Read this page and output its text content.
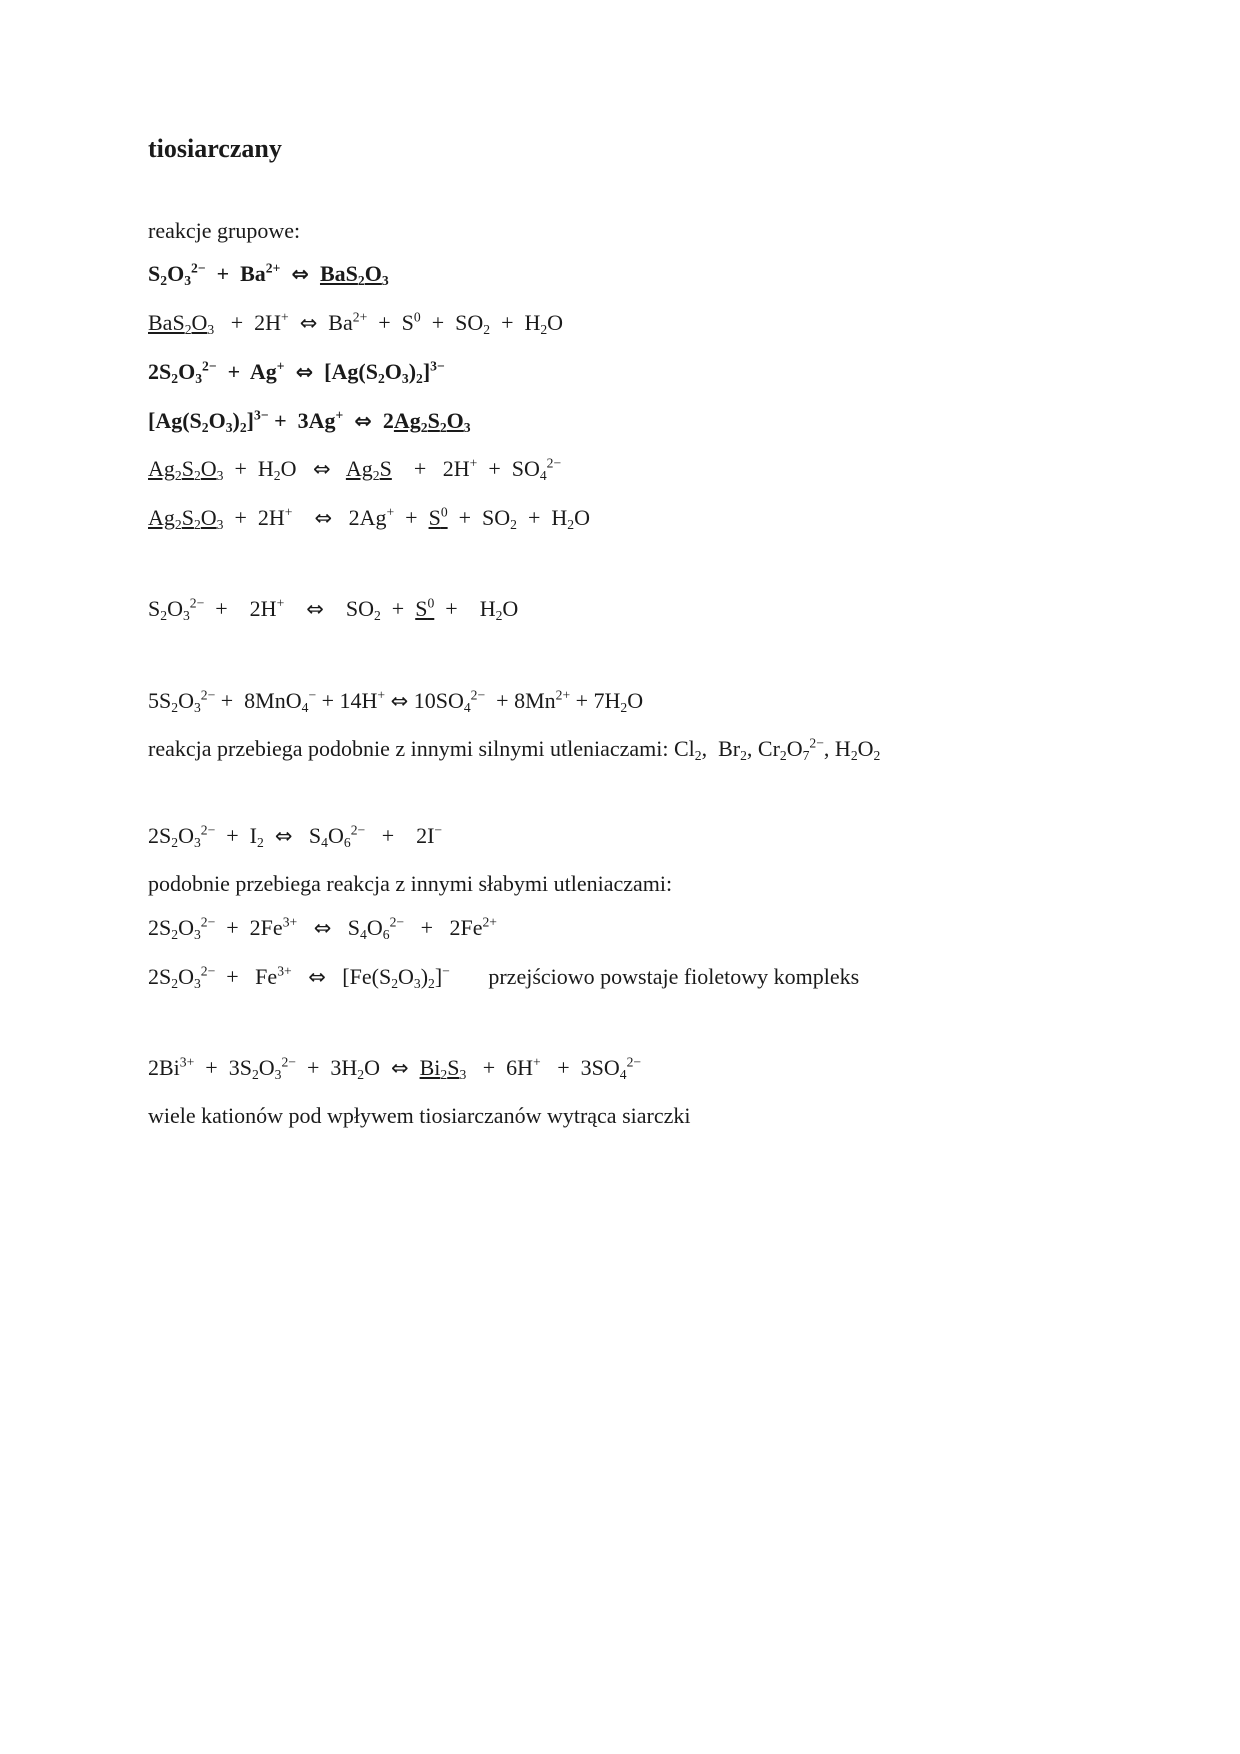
tiosiarczany
reakcje grupowe:
$S_2O_3^{2-} + Ba^{2+}$ ⇔ $BaS_2O_3$
$BaS_2O_3 + 2H^+$ ⇔  $Ba^{2+} + S^0 + SO_2 + H_2O$
$2S_2O_3^{2-} + Ag^+$ ⇔  $[Ag(S_2O_3)_2]^{3-}$
$[Ag(S_2O_3)_2]^{3-} + 3Ag^+$ ⇔  $2Ag_2S_2O_3$
$Ag_2S_2O_3 + H_2O$   ⇔ $Ag_2S$    +   $2H^+ + SO_4^{2-}$
$Ag_2S_2O_3 + 2H^+$ ⇔   $2Ag^+ + S^0 + SO_2 + H_2O$
$S_2O_3^{2-}$  +    2H+ ⇔    $SO_2 + S^0$  +    $H_2O$
$5S_2O_3^{2-} + 8MnO_4^- + 14H^+$ ⇔ $10SO_4^{2-} + 8Mn^{2+} + 7H_2O$
reakcja przebiega podobnie z innymi silnymi utleniaczami: $Cl_2$,  $Br_2$, $Cr_2O_7^{2-}$, $H_2O_2$
$2S_2O_3^{2-} + I_2$ ⇔   $S_4O_6^{2-}$   +    2I−
podobnie przebiega reakcja z innymi słabymi utleniaczami:
$2S_2O_3^{2-} + 2Fe^{3+}$ ⇔   $S_4O_6^{2-} + 2Fe^{2+}$
$2S_2O_3^{2-} + Fe^{3+}$ ⇔   $[Fe(S_2O_3)_2]^-$ przejściowo powstaje fioletowy kompleks
$2Bi^{3+} + 3S_2O_3^{2-} + 3H_2O$  ⇔ $Bi_2S_3 + 6H^+ + 3SO_4^{2-}$
wiele kationów pod wpływem tiosiarczanów wytrąca siarczki
